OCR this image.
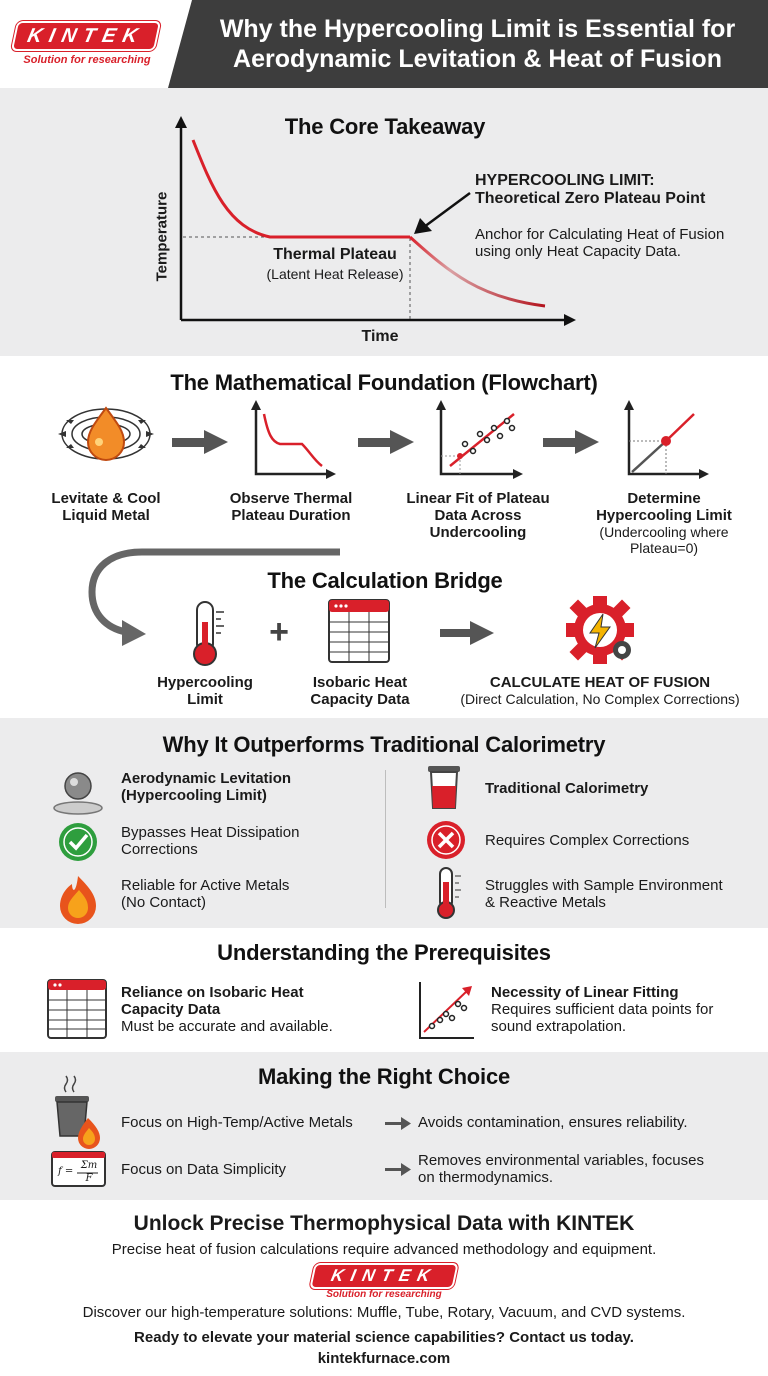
KINTEK
Solution for researching
Why the Hypercooling Limit is Essential for
Aerodynamic Levitation & Heat of Fusion
The Core Takeaway
Temperature
Time
Thermal Plateau
(Latent Heat Release)
HYPERCOOLING LIMIT:
Theoretical Zero Plateau Point
Anchor for Calculating Heat of Fusion
using only Heat Capacity Data.
The Mathematical Foundation (Flowchart)
Levitate & Cool
Liquid Metal
Observe Thermal
Plateau Duration
Linear Fit of Plateau
Data Across
Undercooling
Determine
Hypercooling Limit
(Undercooling where
Plateau=0)
The Calculation Bridge
+
Hypercooling
Limit
Isobaric Heat
Capacity Data
CALCULATE HEAT OF FUSION
(Direct Calculation, No Complex Corrections)
Why It Outperforms Traditional Calorimetry
Aerodynamic Levitation
(Hypercooling Limit)
Bypasses Heat Dissipation
Corrections
Reliable for Active Metals
(No Contact)
Traditional Calorimetry
Requires Complex Corrections
Struggles with Sample Environment
& Reactive Metals
Understanding the Prerequisites
Reliance on Isobaric Heat
Capacity Data
Must be accurate and available.
Necessity of Linear Fitting
Requires sufficient data points for
sound extrapolation.
Making the Right Choice
f =
Σm
F
Focus on High-Temp/Active Metals	Avoids contamination, ensures reliability.
Focus on Data Simplicity
Removes environmental variables, focuses
on thermodynamics.
Unlock Precise Thermophysical Data with KINTEK
Precise heat of fusion calculations require advanced methodology and equipment.
KINTEK
Solution for researching
Discover our high-temperature solutions: Muffle, Tube, Rotary, Vacuum, and CVD systems.
Ready to elevate your material science capabilities? Contact us today.
kintekfurnace.com
